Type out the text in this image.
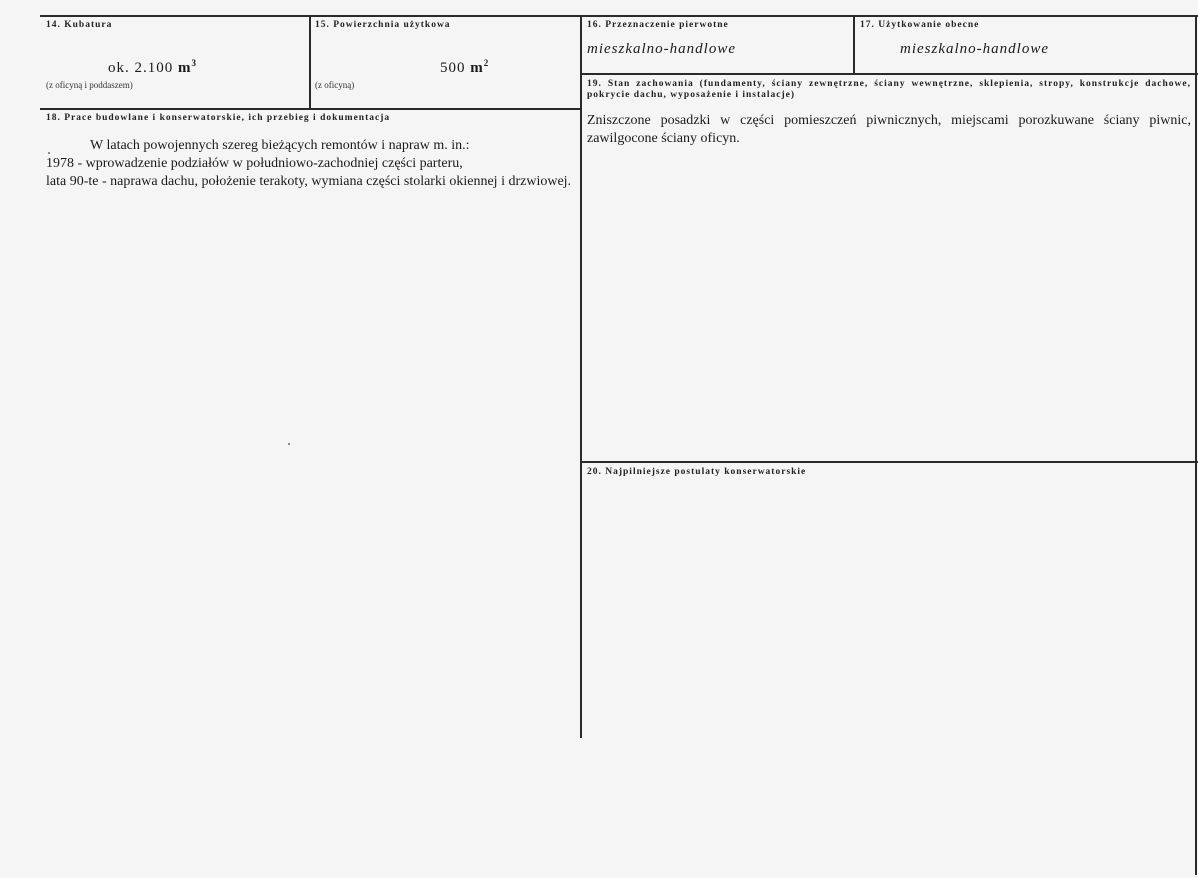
14. Kubatura
ok. 2.100 $m^3$
(z oficyną i poddaszem)
15. Powierzchnia użytkowa
500 $m^2$
(z oficyną)
16. Przeznaczenie pierwotne
mieszkalno-handlowe
17. Użytkowanie obecne
mieszkalno-handlowe
18. Prace budowlane i konserwatorskie, ich przebieg i dokumentacja

W latach powojennych szereg bieżących remontów i napraw m. in.:

1978 - wprowadzenie podziałów w południowo-zachodniej części parteru,

lata 90-te - naprawa dachu, położenie terakoty, wymiana części stolarki okiennej i drzwiowej.

19. Stan zachowania (fundamenty, ściany zewnętrzne, ściany wewnętrzne, sklepienia, stropy, konstrukcje dachowe, pokrycie dachu, wyposażenie i instalacje)
Zniszczone posadzki w części pomieszczeń piwnicznych, miejscami porozkuwane ściany piwnic, zawilgocone ściany oficyn.
20. Najpilniejsze postulaty konserwatorskie
